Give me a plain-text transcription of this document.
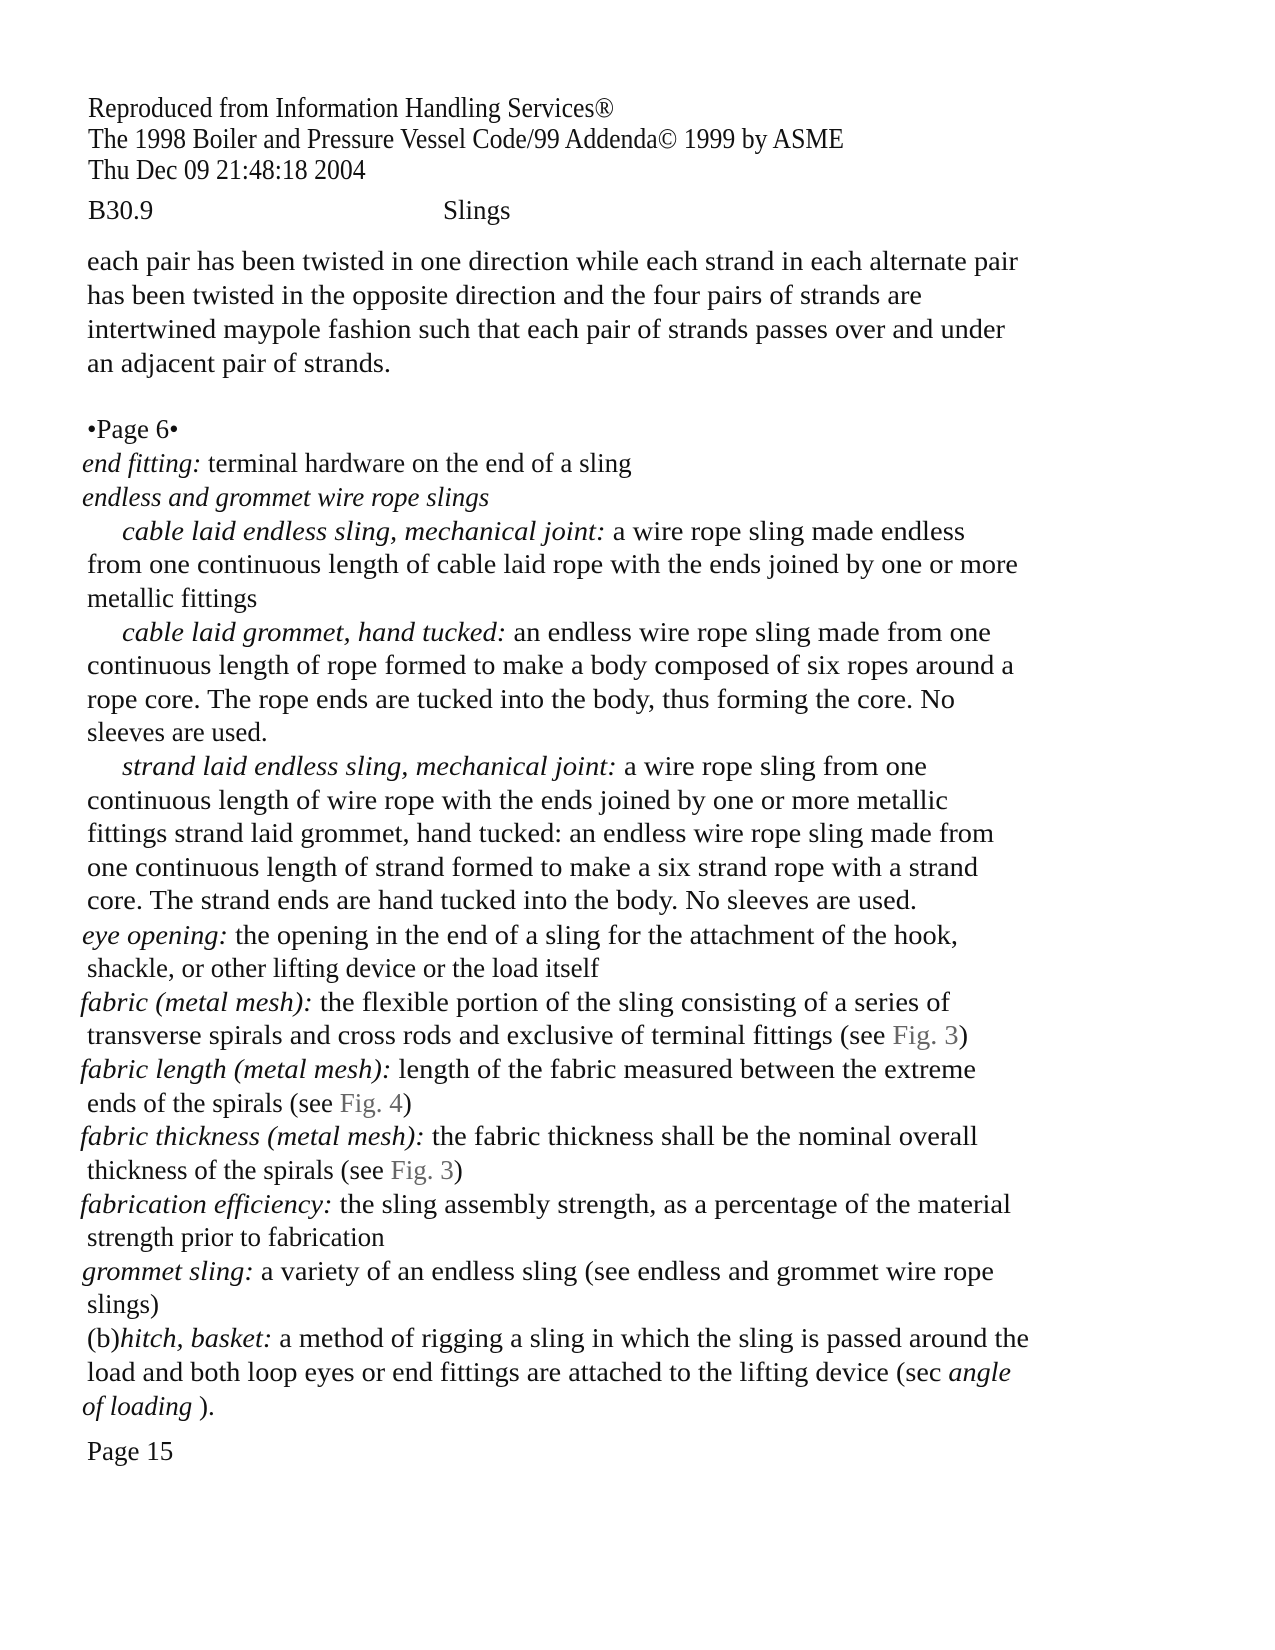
Reproduced from Information Handling Services®
The 1998 Boiler and Pressure Vessel Code/99 Addenda© 1999 by ASME
Thu Dec 09 21:48:18 2004
B30.9	Slings
each pair has been twisted in one direction while each strand in each alternate pair
has been twisted in the opposite direction and the four pairs of strands are
intertwined maypole fashion such that each pair of strands passes over and under
an adjacent pair of strands.
•Page 6•
end fitting: terminal hardware on the end of a sling
endless and grommet wire rope slings
cable laid endless sling, mechanical joint: a wire rope sling made endless
from one continuous length of cable laid rope with the ends joined by one or more
metallic fittings
cable laid grommet, hand tucked: an endless wire rope sling made from one
continuous length of rope formed to make a body composed of six ropes around a
rope core. The rope ends are tucked into the body, thus forming the core. No
sleeves are used.
strand laid endless sling, mechanical joint: a wire rope sling from one
continuous length of wire rope with the ends joined by one or more metallic
fittings strand laid grommet, hand tucked: an endless wire rope sling made from
one continuous length of strand formed to make a six strand rope with a strand
core. The strand ends are hand tucked into the body. No sleeves are used.
eye opening: the opening in the end of a sling for the attachment of the hook,
shackle, or other lifting device or the load itself
fabric (metal mesh): the flexible portion of the sling consisting of a series of
transverse spirals and cross rods and exclusive of terminal fittings (see Fig. 3)
fabric length (metal mesh): length of the fabric measured between the extreme
ends of the spirals (see Fig. 4)
fabric thickness (metal mesh): the fabric thickness shall be the nominal overall
thickness of the spirals (see Fig. 3)
fabrication efficiency: the sling assembly strength, as a percentage of the material
strength prior to fabrication
grommet sling: a variety of an endless sling (see endless and grommet wire rope
slings)
(b)hitch, basket: a method of rigging a sling in which the sling is passed around the
load and both loop eyes or end fittings are attached to the lifting device (sec angle
of loading ).
Page 15
